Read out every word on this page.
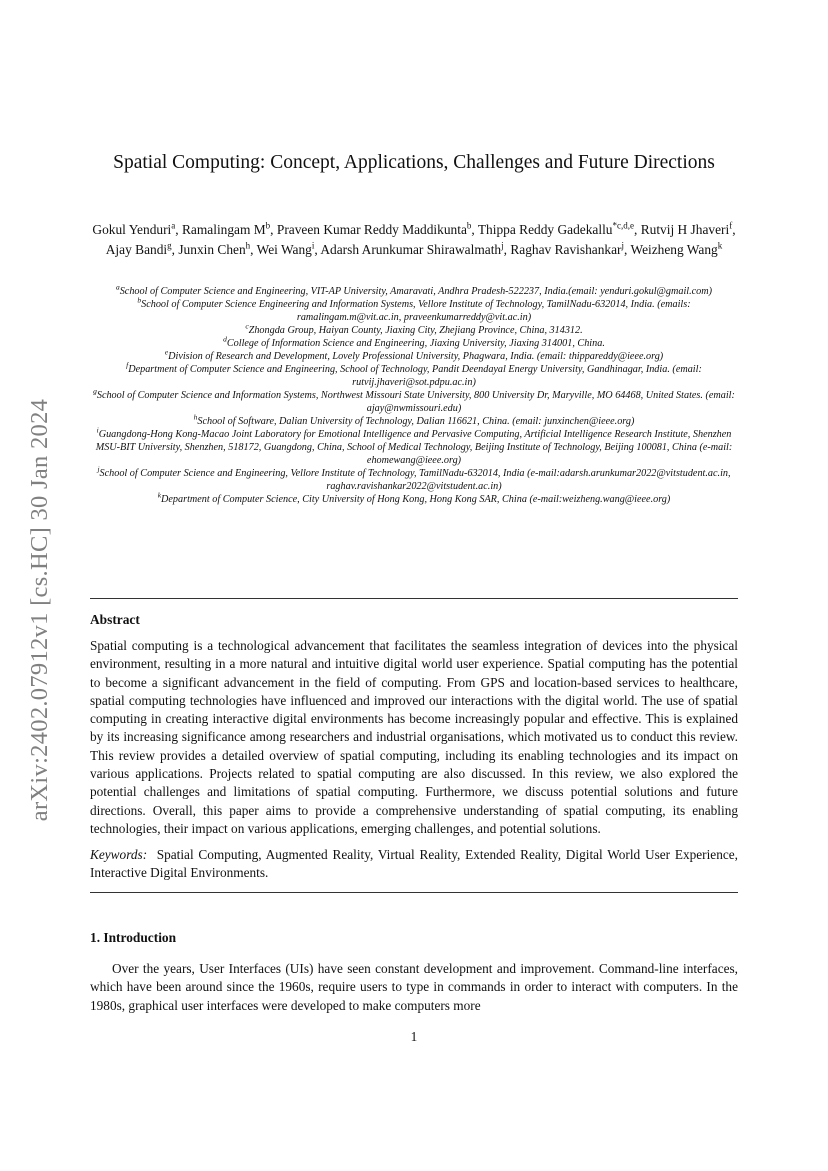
arXiv:2402.07912v1 [cs.HC] 30 Jan 2024
Spatial Computing: Concept, Applications, Challenges and Future Directions
Gokul Yenduri$^a$, Ramalingam $M^b$, Praveen Kumar Reddy Maddikunta$^b$, Thippa Reddy Gadekallu$^{*c,d,e}$, Rutvij H Jhaveri$^f$, Ajay Bandi$^g$, Junxin Chen$^h$, Wei Wang$^i$, Adarsh Arunkumar Shirawalmath$^j$, Raghav Ravishankar$^j$, Weizheng Wang$^k$
$^a$School of Computer Science and Engineering, VIT-AP University, Amaravati, Andhra Pradesh-522237, India.(email: yenduri.gokul@gmail.com)
$^b$School of Computer Science Engineering and Information Systems, Vellore Institute of Technology, TamilNadu-632014, India. (emails: ramalingam.m@vit.ac.in, praveenkumarreddy@vit.ac.in)
$^c$Zhongda Group, Haiyan County, Jiaxing City, Zhejiang Province, China, 314312.
$^d$College of Information Science and Engineering, Jiaxing University, Jiaxing 314001, China.
$^e$Division of Research and Development, Lovely Professional University, Phagwara, India. (email: thippareddy@ieee.org)
$^f$Department of Computer Science and Engineering, School of Technology, Pandit Deendayal Energy University, Gandhinagar, India. (email: rutvij.jhaveri@sot.pdpu.ac.in)
$^g$School of Computer Science and Information Systems, Northwest Missouri State University, 800 University Dr, Maryville, MO 64468, United States. (email: ajay@nwmissouri.edu)
$^h$School of Software, Dalian University of Technology, Dalian 116621, China. (email: junxinchen@ieee.org)
$^i$Guangdong-Hong Kong-Macao Joint Laboratory for Emotional Intelligence and Pervasive Computing, Artificial Intelligence Research Institute, Shenzhen MSU-BIT University, Shenzhen, 518172, Guangdong, China, School of Medical Technology, Beijing Institute of Technology, Beijing 100081, China (e-mail: ehomewang@ieee.org)
$^j$School of Computer Science and Engineering, Vellore Institute of Technology, TamilNadu-632014, India (e-mail:adarsh.arunkumar2022@vitstudent.ac.in, raghav.ravishankar2022@vitstudent.ac.in)
$^k$Department of Computer Science, City University of Hong Kong, Hong Kong SAR, China (e-mail:weizheng.wang@ieee.org)
Abstract
Spatial computing is a technological advancement that facilitates the seamless integration of devices into the physical environment, resulting in a more natural and intuitive digital world user experience. Spatial computing has the potential to become a significant advancement in the field of computing. From GPS and location-based services to healthcare, spatial computing technologies have influenced and improved our interactions with the digital world. The use of spatial computing in creating interactive digital environments has become increasingly popular and effective. This is explained by its increasing significance among researchers and industrial organisations, which motivated us to conduct this review. This review provides a detailed overview of spatial computing, including its enabling technologies and its impact on various applications. Projects related to spatial computing are also discussed. In this review, we also explored the potential challenges and limitations of spatial computing. Furthermore, we discuss potential solutions and future directions. Overall, this paper aims to provide a comprehensive understanding of spatial computing, its enabling technologies, their impact on various applications, emerging challenges, and potential solutions.
Keywords: Spatial Computing, Augmented Reality, Virtual Reality, Extended Reality, Digital World User Experience, Interactive Digital Environments.
1. Introduction
Over the years, User Interfaces (UIs) have seen constant development and improvement. Command-line interfaces, which have been around since the 1960s, require users to type in commands in order to interact with computers. In the 1980s, graphical user interfaces were developed to make computers more
1
